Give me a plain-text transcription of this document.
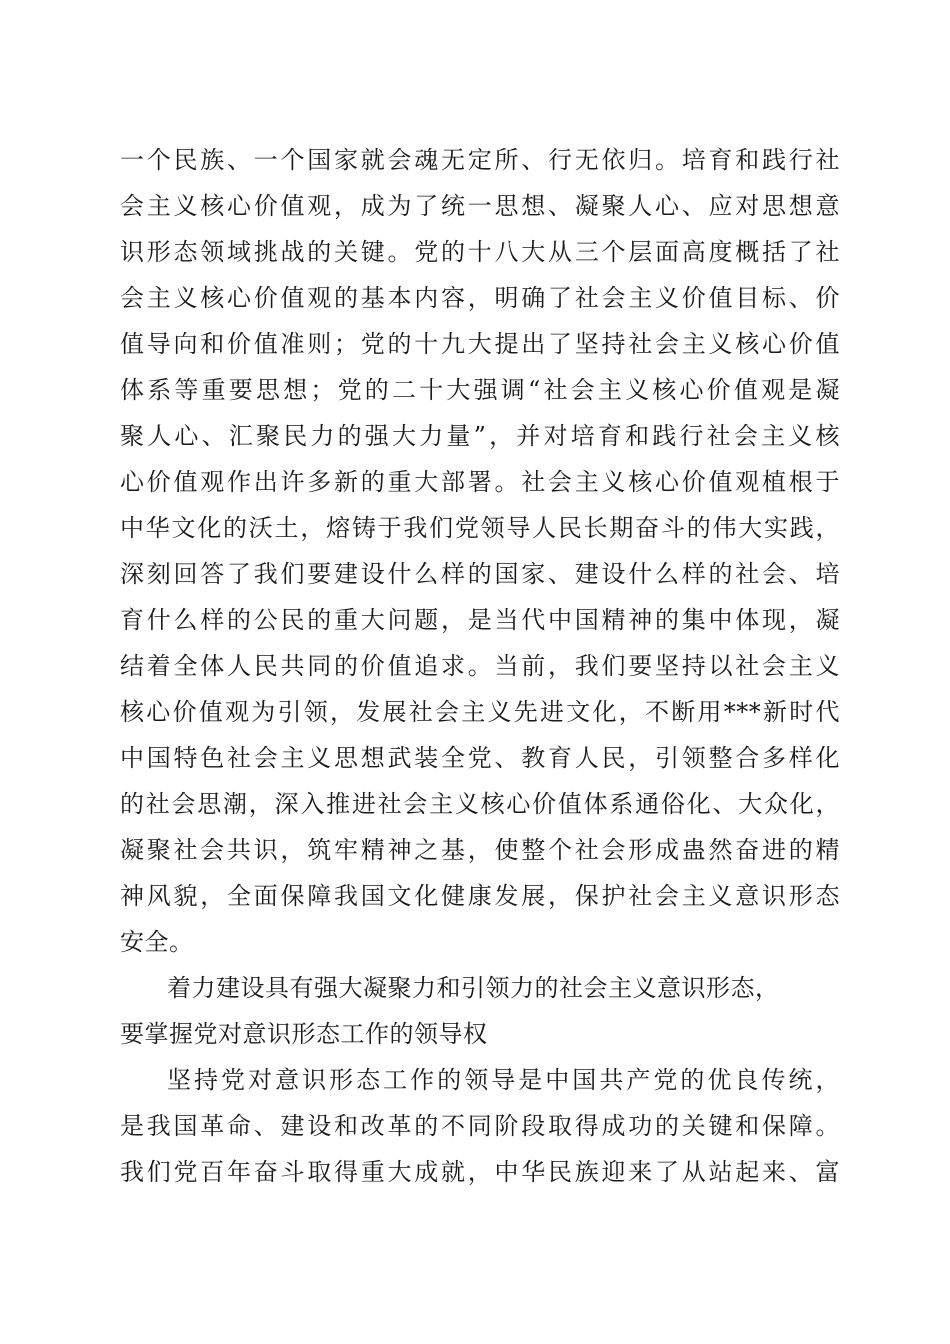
一个民族、一个国家就会魂无定所、行无依归。培育和践行社
会主义核心价值观，成为了统一思想、凝聚人心、应对思想意
识形态领域挑战的关键。党的十八大从三个层面高度概括了社
会主义核心价值观的基本内容，明确了社会主义价值目标、价
值导向和价值准则；党的十九大提出了坚持社会主义核心价值
体系等重要思想；党的二十大强调“社会主义核心价值观是凝
聚人心、汇聚民力的强大力量”，并对培育和践行社会主义核
心价值观作出许多新的重大部署。社会主义核心价值观植根于
中华文化的沃土，熔铸于我们党领导人民长期奋斗的伟大实践，
深刻回答了我们要建设什么样的国家、建设什么样的社会、培
育什么样的公民的重大问题，是当代中国精神的集中体现，凝
结着全体人民共同的价值追求。当前，我们要坚持以社会主义
核心价值观为引领，发展社会主义先进文化，不断用***新时代
中国特色社会主义思想武装全党、教育人民，引领整合多样化
的社会思潮，深入推进社会主义核心价值体系通俗化、大众化，
凝聚社会共识，筑牢精神之基，使整个社会形成蛊然奋进的精
神风貌，全面保障我国文化健康发展，保护社会主义意识形态
安全。
着力建设具有强大凝聚力和引领力的社会主义意识形态，
要掌握党对意识形态工作的领导权
坚持党对意识形态工作的领导是中国共产党的优良传统，
是我国革命、建设和改革的不同阶段取得成功的关键和保障。
我们党百年奋斗取得重大成就，中华民族迎来了从站起来、富
